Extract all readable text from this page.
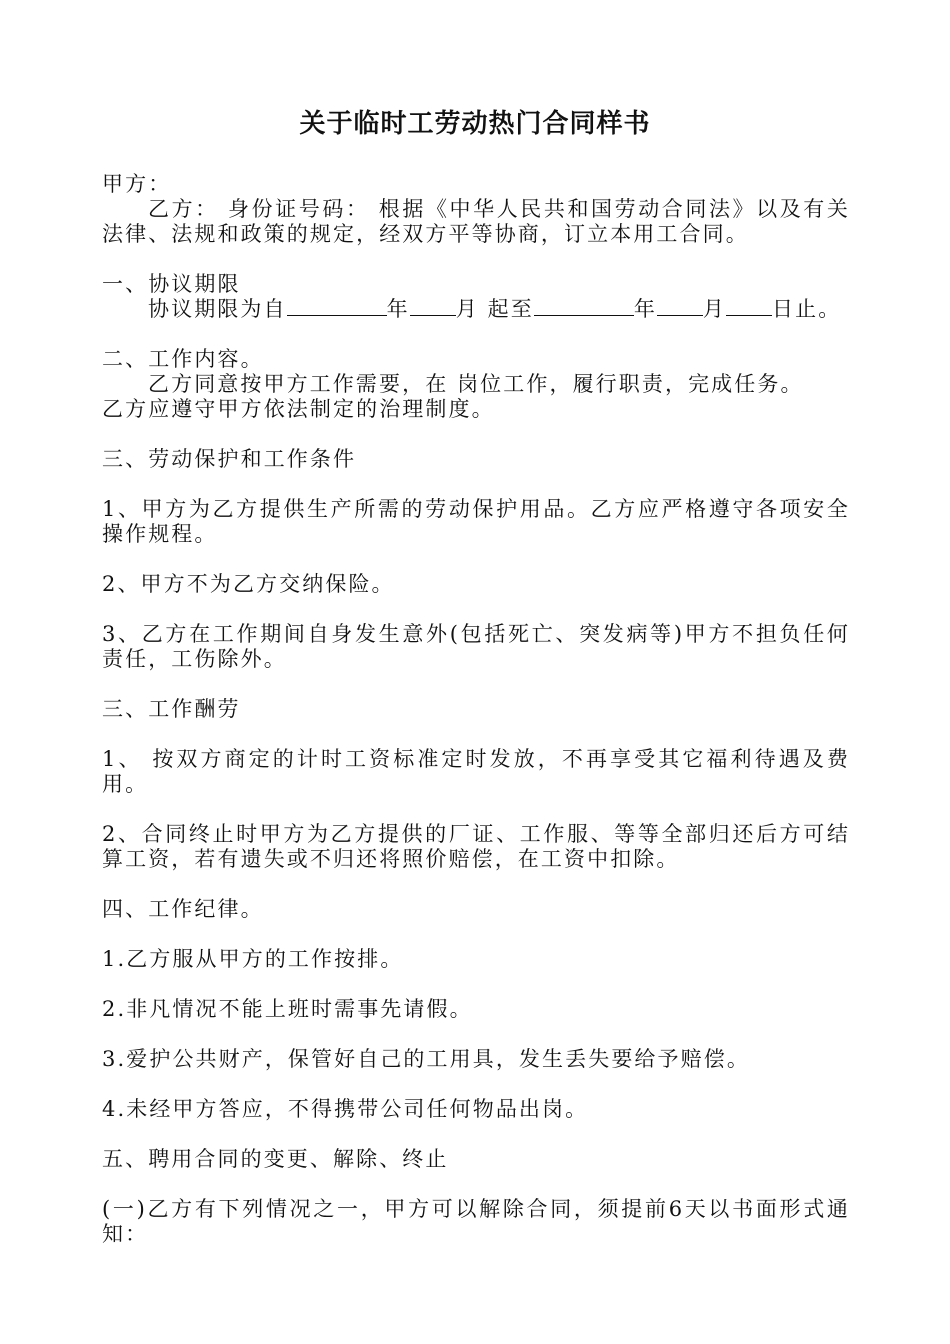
关于临时工劳动热门合同样书

甲方：

乙方： 身份证号码： 根据《中华人民共和国劳动合同法》以及有关法律、法规和政策的规定，经双方平等协商，订立本用工合同。

一、协议期限

协议期限为自	年 月 起至	年 月 日止。

二、工作内容。

乙方同意按甲方工作需要，在 岗位工作，履行职责，完成任务。

乙方应遵守甲方依法制定的治理制度。

三、劳动保护和工作条件

1、甲方为乙方提供生产所需的劳动保护用品。乙方应严格遵守各项安全操作规程。

2、甲方不为乙方交纳保险。

3、乙方在工作期间自身发生意外(包括死亡、突发病等)甲方不担负任何责任，工伤除外。

三、工作酬劳

1、 按双方商定的计时工资标准定时发放，不再享受其它福利待遇及费用。

2、合同终止时甲方为乙方提供的厂证、工作服、等等全部归还后方可结算工资，若有遗失或不归还将照价赔偿，在工资中扣除。

四、工作纪律。

1.乙方服从甲方的工作按排。

2.非凡情况不能上班时需事先请假。

3.爱护公共财产，保管好自己的工用具，发生丢失要给予赔偿。

4.未经甲方答应，不得携带公司任何物品出岗。

五、聘用合同的变更、解除、终止

(一)乙方有下列情况之一，甲方可以解除合同，须提前6天以书面形式通知：
